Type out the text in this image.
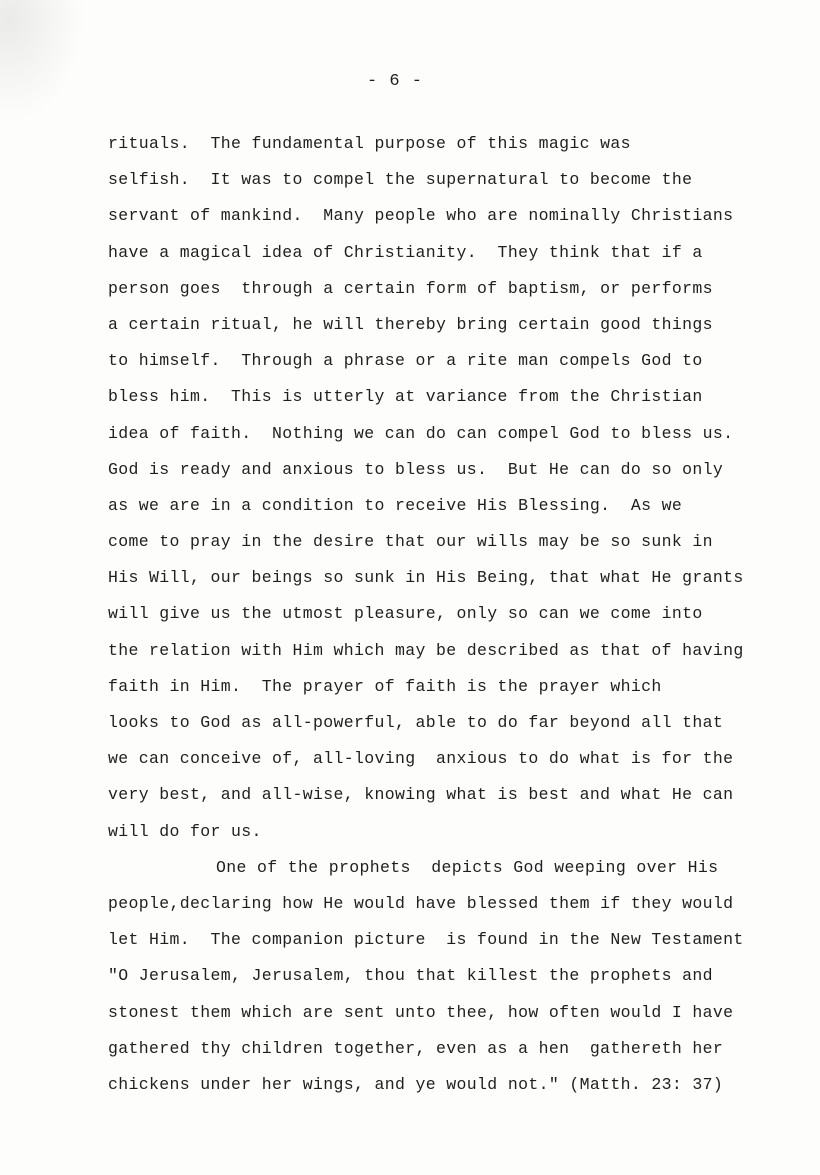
- 6 -
rituals.  The fundamental purpose of this magic was
selfish.  It was to compel the supernatural to become the
servant of mankind.  Many people who are nominally Christians
have a magical idea of Christianity.  They think that if a
person goes  through a certain form of baptism, or performs
a certain ritual, he will thereby bring certain good things
to himself.  Through a phrase or a rite man compels God to
bless him.  This is utterly at variance from the Christian
idea of faith.  Nothing we can do can compel God to bless us.
God is ready and anxious to bless us.  But He can do so only
as we are in a condition to receive His Blessing.  As we
come to pray in the desire that our wills may be so sunk in
His Will, our beings so sunk in His Being, that what He grants
will give us the utmost pleasure, only so can we come into
the relation with Him which may be described as that of having
faith in Him.  The prayer of faith is the prayer which
looks to God as all-powerful, able to do far beyond all that
we can conceive of, all-loving  anxious to do what is for the
very best, and all-wise, knowing what is best and what He can
will do for us.
One of the prophets  depicts God weeping over His
people,declaring how He would have blessed them if they would
let Him.  The companion picture  is found in the New Testament
"O Jerusalem, Jerusalem, thou that killest the prophets and
stonest them which are sent unto thee, how often would I have
gathered thy children together, even as a hen  gathereth her
chickens under her wings, and ye would not." (Matth. 23: 37)
